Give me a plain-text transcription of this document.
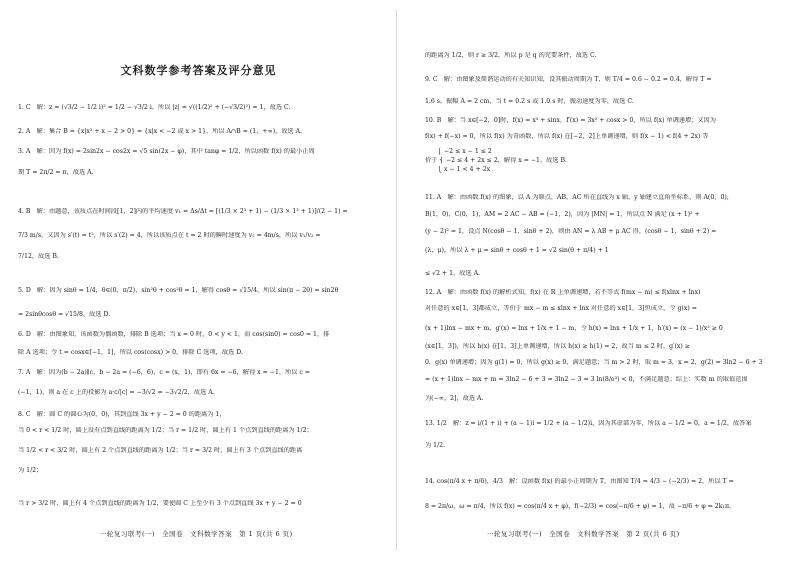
文科数学参考答案及评分意见
1. C　解：z = (√3/2 − 1/2 i)² = 1/2 − √3/2 i，所以 |z| = √((1/2)² + (−√3/2)²) = 1，故选 C.
2. A　解：集合 B = {x|x² + x − 2 > 0} = {x|x < −2 或 x > 1}，所以 A∩B = (1，+∞)，故选 A.
3. A　解：因为 f(x) = 2sin2x − cos2x = √5 sin(2x − φ)，其中 tanφ = 1/2，所以函数 f(x) 的最小正周
期 T = 2π/2 = π，故选 A.
4. B　解：由题意，该质点在时间段[1，2]内的平均速度 v₁ = Δs/Δt = [(1/3 × 2³ + 1) − (1/3 × 1³ + 1)]/(2 − 1) =
7/3 m/s，又因为 s′(t) = t²，所以 s′(2) = 4，所以该质点在 t = 2 时的瞬时速度为 v₂ = 4m/s，所以 v₁/v₂ =
7/12，故选 B.
5. D　解：因为 sinθ = 1/4，θ∈(0，π/2)，sin²θ + cos²θ = 1，解得 cosθ = √15/4，所以 sin(π − 2θ) = sin2θ
= 2sinθcosθ = √15/8，故选 D.
6. D　解：由图象知，该函数为偶函数，排除 B 选项；当 x = 0 时，0 < y < 1，而 cos(sin0) = cos0 = 1，排
除 A 选项；令 t = cosx∈[−1，1]，所以 cos(cosx) > 0，排除 C 选项，故选 D.
7. A　解：因为(b − 2a)∥c，b − 2a = (−6，6)，c = (x，1)，即有 6x = −6，解得 x = −1，所以 c =
(−1，1)，则 a 在 c 上的投影为 a·c/|c| = −3/√2 = −3√2/2，故选 A.
8. C　解：圆 C 的圆心为(0，0)，其到直线 3x + y − 2 = 0 的距离为 1，
当 0 < r < 1/2 时，圆上没有点到直线的距离为 1/2；当 r = 1/2 时，圆上有 1 个点到直线的距离为 1/2；
当 1/2 < r < 3/2 时，圆上有 2 个点到直线的距离为 1/2；当 r = 3/2 时，圆上有 3 个点到直线的距离
为 1/2；
当 r > 3/2 时，圆上有 4 个点到直线的距离为 1/2，要使圆 C 上至少有 3 个点到直线 3x + y − 2 = 0
一轮复习联考(一)　全国卷　文科数学答案　第 1 页(共 6 页)
的距离为 1/2，则 r ≥ 3/2，所以 p 是 q 的充要条件，故选 C.
9. C　解：由图象及简谐运动的有关知识知，设其振动周期为 T，则 T/4 = 0.6 − 0.2 = 0.4，解得 T =
1.6 s，振幅 A = 2 cm，当 t = 0.2 s 或 1.0 s 时，振动速度为零，故选 C.
10. B　解：当 x∈[−2，0]时，f(x) = x³ + sinx，f′(x) = 3x² + cosx > 0，所以 f(x) 单调递增；又因为
f(x) + f(−x) = 0，所以 f(x) 为奇函数，所以 f(x) 在[−2，2]上单调递增，则 f(x − 1) < f(4 + 2x) 等
　　⎧ −2 ≤ x − 1 ≤ 2
价于 ⎨ −2 ≤ 4 + 2x ≤ 2，解得 x = −1，故选 B.
　　⎩ x − 1 < 4 + 2x
11. A　解：由函数 f(x) 的图象，以 A 为原点，AB，AC 所在直线为 x 轴，y 轴建立直角坐标系，则 A(0，0)，
B(1，0)，C(0，1)，AM = 2 AC − AB = (−1，2)，因为 |MN| = 1，所以点 N 满足 (x + 1)² +
(y − 2)² = 1，设点 N(cosθ − 1，sinθ + 2)，则由 AN = λ AB + μ AC 得，(cosθ − 1，sinθ + 2) =
(λ，μ)，所以 λ + μ = sinθ + cosθ + 1 = √2 sin(θ + π/4) + 1
≤ √2 + 1，故选 A.
12. A　解：由函数 f(x) 的解析式知，f(x) 在 R 上单调递增，若不等式 f(mx − m) ≤ f(xlnx + lnx)
对任意的 x∈[1，3]都成立，等价于 mx − m ≤ xlnx + lnx 对任意的 x∈[1，3]恒成立，令 g(x) =
(x + 1)lnx − mx + m，g′(x) = lnx + 1/x + 1 − m，令 h(x) = lnx + 1/x + 1，h′(x) = (x − 1)/x² ≥ 0
(x∈[1，3])，所以 h(x) 在[1，3]上单调递增，所以 h(x) ≥ h(1) = 2，故当 m ≤ 2 时，g′(x) ≥
0，g(x) 单调递增；因为 g(1) = 0，所以 g(x) ≥ 0，满足题意；当 m > 2 时，取 m = 3，x = 2，g(2) = 3ln2 − 6 + 3
= (x + 1)lnx − mx + m = 3ln2 − 6 + 3 = 3ln2 − 3 = 3 ln(8/e³) < 0，不满足题意；综上：实数 m 的取值范围
为(−∞，2]，故选 A.
13. 1/2　解：z = i/(1 + i) + (a − 1)i = 1/2 + (a − 1/2)i，因为其虚部为零，所以 a − 1/2 = 0，a = 1/2，故答案
为 1/2.
14. cos(π/4 x + π/6)，4/3　解：设函数 f(x) 的最小正周期为 T，由图知 T/4 = 4/3 − (−2/3) = 2，所以 T =
8 = 2π/ω，ω = π/4，所以 f(x) = cos(π/4 x + φ)，f(−2/3) = cos(−π/6 + φ) = 1，故 −π/6 + φ = 2k₁π，
一轮复习联考(一)　全国卷　文科数学答案　第 2 页(共 6 页)
